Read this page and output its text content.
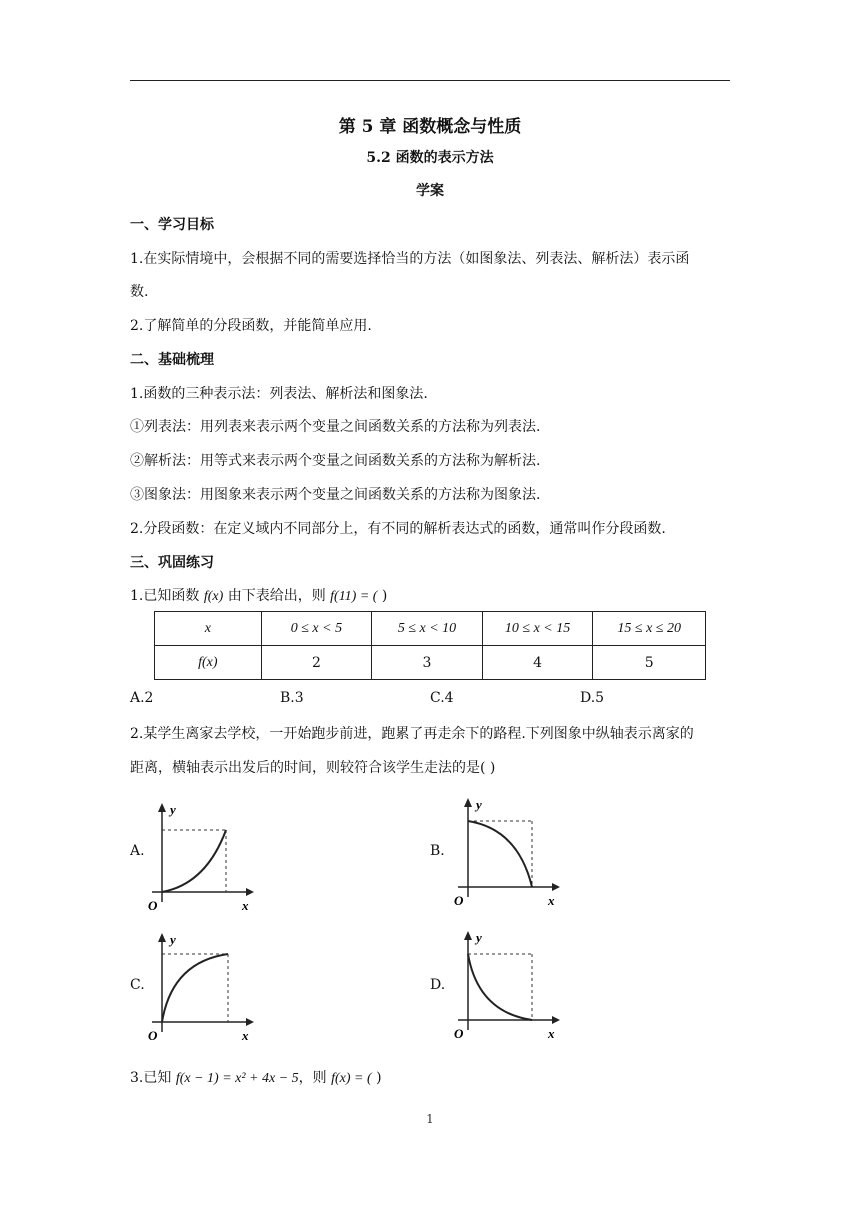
第 5 章 函数概念与性质
5.2 函数的表示方法
学案
一、学习目标
1.在实际情境中，会根据不同的需要选择恰当的方法（如图象法、列表法、解析法）表示函
数.
2.了解简单的分段函数，并能简单应用.
二、基础梳理
1.函数的三种表示法：列表法、解析法和图象法.
①列表法：用列表来表示两个变量之间函数关系的方法称为列表法.
②解析法：用等式来表示两个变量之间函数关系的方法称为解析法.
③图象法：用图象来表示两个变量之间函数关系的方法称为图象法.
2.分段函数：在定义域内不同部分上，有不同的解析表达式的函数，通常叫作分段函数.
三、巩固练习
1.已知函数 f(x) 由下表给出，则 f(11) = ( )
x	0 ≤ x < 5	5 ≤ x < 10	10 ≤ x < 15	15 ≤ x ≤ 20
f(x)	2	3	4	5
A.2	B.3	C.4	D.5
2.某学生离家去学校，一开始跑步前进，跑累了再走余下的路程.下列图象中纵轴表示离家的
距离，横轴表示出发后的时间，则较符合该学生走法的是( )
A.	B.
C.	D.
y
x
O
y
x
O
y
x
O
y
x
O
3.已知 f(x − 1) = x² + 4x − 5，则 f(x) = ( )
1
